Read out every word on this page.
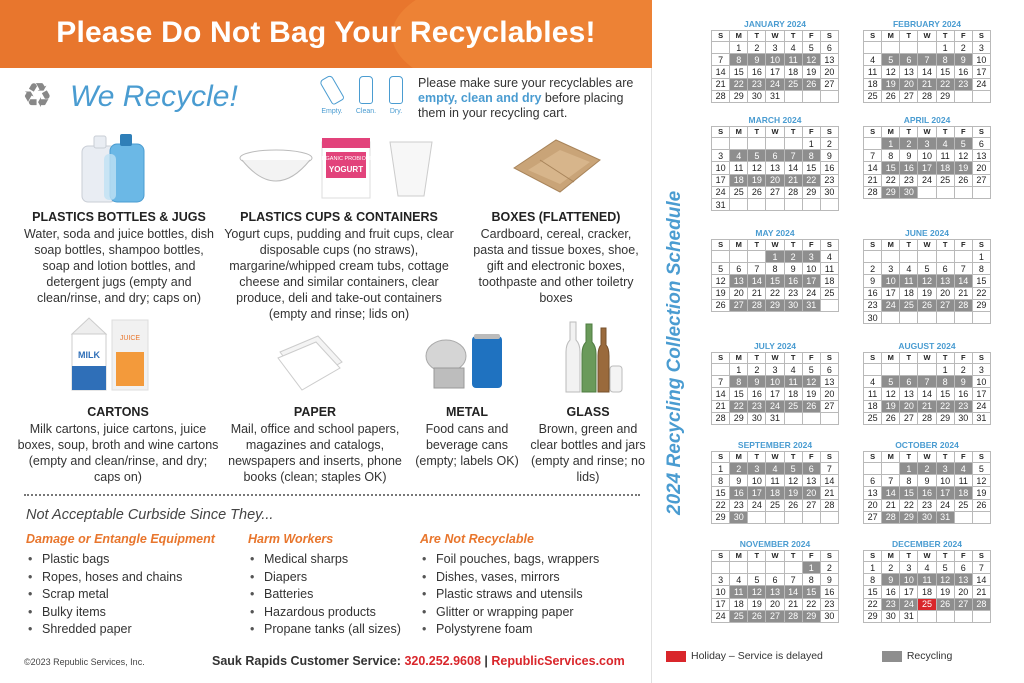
Please Do Not Bag Your Recyclables!
♻ We Recycle!	Empty.	Clean.	Dry.
Please make sure your recyclables are empty, clean and dry before placing them in your recycling cart.
ORGANIC PROBIOTIC
YOGURT
MILK
JUICE
PLASTICS BOTTLES & JUGS

Water, soda and juice bottles, dish soap bottles, shampoo bottles, soap and lotion bottles, and detergent jugs (empty and clean/rinse, and dry; caps on)

PLASTICS CUPS & CONTAINERS

Yogurt cups, pudding and fruit cups, clear disposable cups (no straws), margarine/whipped cream tubs, cottage cheese and similar containers, clear produce, deli and take-out containers (empty and rinse; lids on)

BOXES (FLATTENED)

Cardboard, cereal, cracker, pasta and tissue boxes, shoe, gift and electronic boxes, toothpaste and other toiletry boxes

CARTONS

Milk cartons, juice cartons, juice boxes, soup, broth and wine cartons (empty and clean/rinse, and dry; caps on)

PAPER

Mail, office and school papers, magazines and catalogs, newspapers and inserts, phone books (clean; staples OK)

METAL

Food cans and beverage cans (empty; labels OK)

GLASS

Brown, green and clear bottles and jars (empty and rinse; no lids)

Not Acceptable Curbside Since They...
Damage or Entangle Equipment
• Plastic bags
• Ropes, hoses and chains
• Scrap metal
• Bulky items
• Shredded paper
Harm Workers
• Medical sharps
• Diapers
• Batteries
• Hazardous products
• Propane tanks (all sizes)
Are Not Recyclable
• Foil pouches, bags, wrappers
• Dishes, vases, mirrors
• Plastic straws and utensils
• Glitter or wrapping paper
• Polystyrene foam
©2023 Republic Services, Inc.	Sauk Rapids Customer Service: 320.252.9608 | RepublicServices.com
2024 Recycling Collection Schedule
JANUARY 2024
S	M	T	W	T	F	S
	1	2	3	4	5	6
7	8	9	10	11	12	13
14	15	16	17	18	19	20
21	22	23	24	25	26	27
28	29	30	31			
FEBRUARY 2024
S	M	T	W	T	F	S
				1	2	3
4	5	6	7	8	9	10
11	12	13	14	15	16	17
18	19	20	21	22	23	24
25	26	27	28	29		
MARCH 2024
S	M	T	W	T	F	S
					1	2
3	4	5	6	7	8	9
10	11	12	13	14	15	16
17	18	19	20	21	22	23
24	25	26	27	28	29	30
31						
APRIL 2024
S	M	T	W	T	F	S
	1	2	3	4	5	6
7	8	9	10	11	12	13
14	15	16	17	18	19	20
21	22	23	24	25	26	27
28	29	30				
MAY 2024
S	M	T	W	T	F	S
			1	2	3	4
5	6	7	8	9	10	11
12	13	14	15	16	17	18
19	20	21	22	23	24	25
26	27	28	29	30	31	
JUNE 2024
S	M	T	W	T	F	S
						1
2	3	4	5	6	7	8
9	10	11	12	13	14	15
16	17	18	19	20	21	22
23	24	25	26	27	28	29
30						
JULY 2024
S	M	T	W	T	F	S
	1	2	3	4	5	6
7	8	9	10	11	12	13
14	15	16	17	18	19	20
21	22	23	24	25	26	27
28	29	30	31			
AUGUST 2024
S	M	T	W	T	F	S
				1	2	3
4	5	6	7	8	9	10
11	12	13	14	15	16	17
18	19	20	21	22	23	24
25	26	27	28	29	30	31
SEPTEMBER 2024
S	M	T	W	T	F	S
1	2	3	4	5	6	7
8	9	10	11	12	13	14
15	16	17	18	19	20	21
22	23	24	25	26	27	28
29	30					
OCTOBER 2024
S	M	T	W	T	F	S
		1	2	3	4	5
6	7	8	9	10	11	12
13	14	15	16	17	18	19
20	21	22	23	24	25	26
27	28	29	30	31		
NOVEMBER 2024
S	M	T	W	T	F	S
					1	2
3	4	5	6	7	8	9
10	11	12	13	14	15	16
17	18	19	20	21	22	23
24	25	26	27	28	29	30
DECEMBER 2024
S	M	T	W	T	F	S
1	2	3	4	5	6	7
8	9	10	11	12	13	14
15	16	17	18	19	20	21
22	23	24	25	26	27	28
29	30	31				
Holiday – Service is delayed	Recycling
